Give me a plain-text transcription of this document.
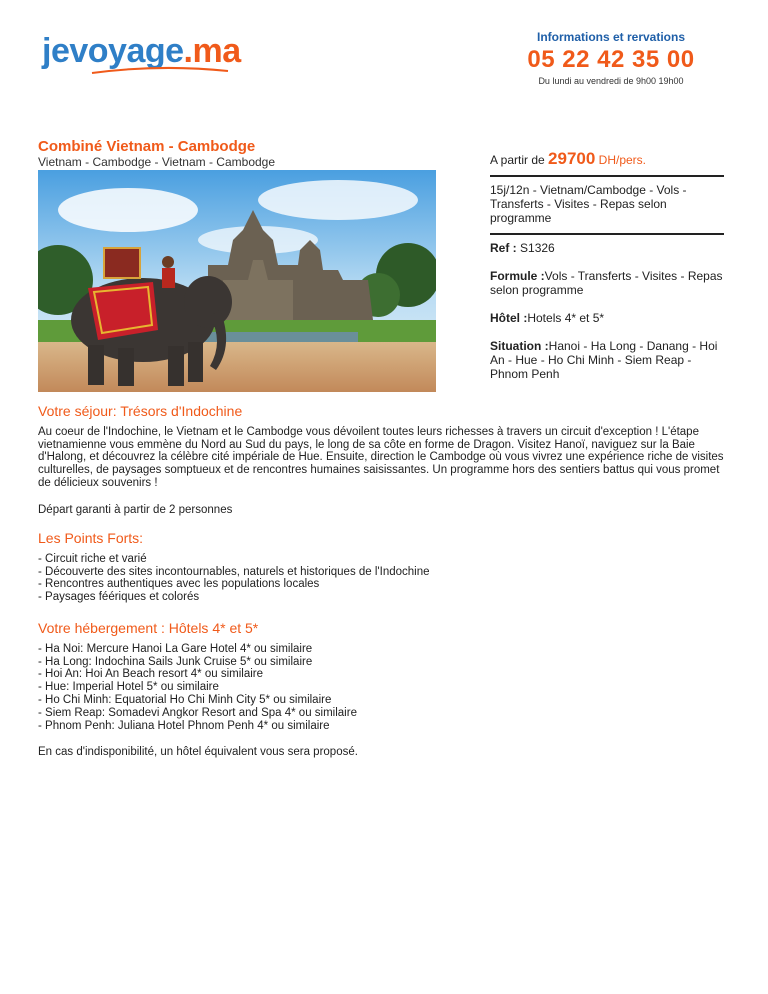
jevoyage.ma	Informations et rervations
05 22 42 35 00
Du lundi au vendredi de 9h00 19h00
Combiné Vietnam - Cambodge
Vietnam - Cambodge - Vietnam - Cambodge	A partir de 29700 DH/pers.

15j/12n - Vietnam/Cambodge - Vols - Transferts - Visites - Repas selon programme

Ref : S1326

Formule :Vols - Transferts - Visites - Repas selon programme

Hôtel :Hotels 4* et 5*

Situation :Hanoi - Ha Long - Danang - Hoi An - Hue - Ho Chi Minh - Siem Reap - Phnom Penh

Votre séjour: Trésors d'Indochine

Au coeur de l'Indochine, le Vietnam et le Cambodge vous dévoilent toutes leurs richesses à travers un circuit d'exception ! L'étape vietnamienne vous emmène du Nord au Sud du pays, le long de sa côte en forme de Dragon. Visitez Hanoï, naviguez sur la Baie d'Halong, et découvrez la célèbre cité impériale de Hue. Ensuite, direction le Cambodge où vous vivrez une expérience riche de visites culturelles, de paysages somptueux et de rencontres humaines saisissantes. Un programme hors des sentiers battus qui vous promet de délicieux souvenirs !

Départ garanti à partir de 2 personnes

Les Points Forts:
- Circuit riche et varié
- Découverte des sites incontournables, naturels et historiques de l'Indochine
- Rencontres authentiques avec les populations locales
- Paysages féériques et colorés
Votre hébergement : Hôtels 4* et 5*
- Ha Noi: Mercure Hanoi La Gare Hotel 4* ou similaire
- Ha Long: Indochina Sails Junk Cruise 5* ou similaire
- Hoi An: Hoi An Beach resort 4* ou similaire
- Hue: Imperial Hotel 5* ou similaire
- Ho Chi Minh: Equatorial Ho Chi Minh City 5* ou similaire
- Siem Reap: Somadevi Angkor Resort and Spa 4* ou similaire
- Phnom Penh: Juliana Hotel Phnom Penh 4* ou similaire

En cas d'indisponibilité, un hôtel équivalent vous sera proposé.
